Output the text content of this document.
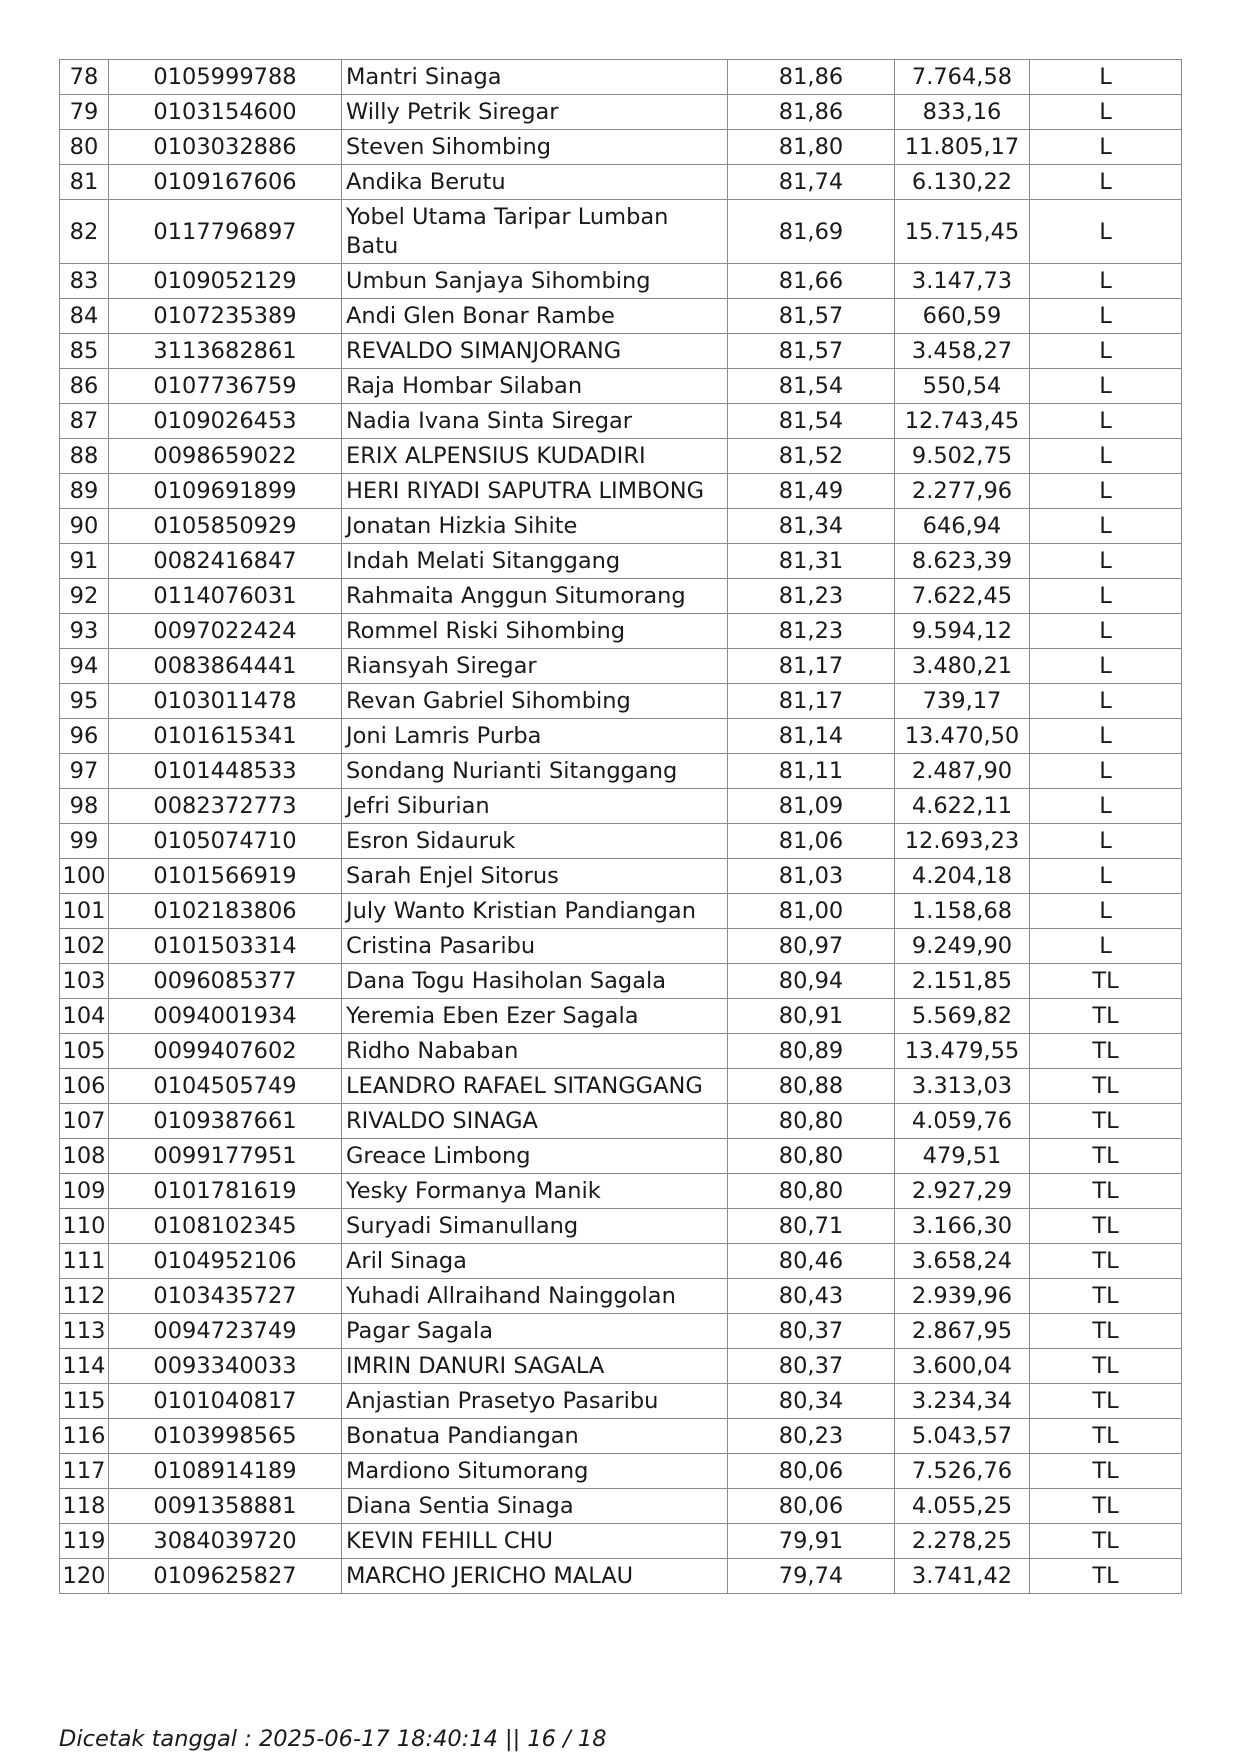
78	0105999788	Mantri Sinaga	81,86	7.764,58	L
79	0103154600	Willy Petrik Siregar	81,86	833,16	L
80	0103032886	Steven Sihombing	81,80	11.805,17	L
81	0109167606	Andika Berutu	81,74	6.130,22	L
82	0117796897	Yobel Utama Taripar Lumban Batu	81,69	15.715,45	L
83	0109052129	Umbun Sanjaya Sihombing	81,66	3.147,73	L
84	0107235389	Andi Glen Bonar Rambe	81,57	660,59	L
85	3113682861	REVALDO SIMANJORANG	81,57	3.458,27	L
86	0107736759	Raja Hombar Silaban	81,54	550,54	L
87	0109026453	Nadia Ivana Sinta Siregar	81,54	12.743,45	L
88	0098659022	ERIX ALPENSIUS KUDADIRI	81,52	9.502,75	L
89	0109691899	HERI RIYADI SAPUTRA LIMBONG	81,49	2.277,96	L
90	0105850929	Jonatan Hizkia Sihite	81,34	646,94	L
91	0082416847	Indah Melati Sitanggang	81,31	8.623,39	L
92	0114076031	Rahmaita Anggun Situmorang	81,23	7.622,45	L
93	0097022424	Rommel Riski Sihombing	81,23	9.594,12	L
94	0083864441	Riansyah Siregar	81,17	3.480,21	L
95	0103011478	Revan Gabriel Sihombing	81,17	739,17	L
96	0101615341	Joni Lamris Purba	81,14	13.470,50	L
97	0101448533	Sondang Nurianti Sitanggang	81,11	2.487,90	L
98	0082372773	Jefri Siburian	81,09	4.622,11	L
99	0105074710	Esron Sidauruk	81,06	12.693,23	L
100	0101566919	Sarah Enjel Sitorus	81,03	4.204,18	L
101	0102183806	July Wanto Kristian Pandiangan	81,00	1.158,68	L
102	0101503314	Cristina Pasaribu	80,97	9.249,90	L
103	0096085377	Dana Togu Hasiholan Sagala	80,94	2.151,85	TL
104	0094001934	Yeremia Eben Ezer Sagala	80,91	5.569,82	TL
105	0099407602	Ridho Nababan	80,89	13.479,55	TL
106	0104505749	LEANDRO RAFAEL SITANGGANG	80,88	3.313,03	TL
107	0109387661	RIVALDO SINAGA	80,80	4.059,76	TL
108	0099177951	Greace Limbong	80,80	479,51	TL
109	0101781619	Yesky Formanya Manik	80,80	2.927,29	TL
110	0108102345	Suryadi Simanullang	80,71	3.166,30	TL
111	0104952106	Aril Sinaga	80,46	3.658,24	TL
112	0103435727	Yuhadi Allraihand Nainggolan	80,43	2.939,96	TL
113	0094723749	Pagar Sagala	80,37	2.867,95	TL
114	0093340033	IMRIN DANURI SAGALA	80,37	3.600,04	TL
115	0101040817	Anjastian Prasetyo Pasaribu	80,34	3.234,34	TL
116	0103998565	Bonatua Pandiangan	80,23	5.043,57	TL
117	0108914189	Mardiono Situmorang	80,06	7.526,76	TL
118	0091358881	Diana Sentia Sinaga	80,06	4.055,25	TL
119	3084039720	KEVIN FEHILL CHU	79,91	2.278,25	TL
120	0109625827	MARCHO JERICHO MALAU	79,74	3.741,42	TL
Dicetak tanggal : 2025-06-17 18:40:14 || 16 / 18
